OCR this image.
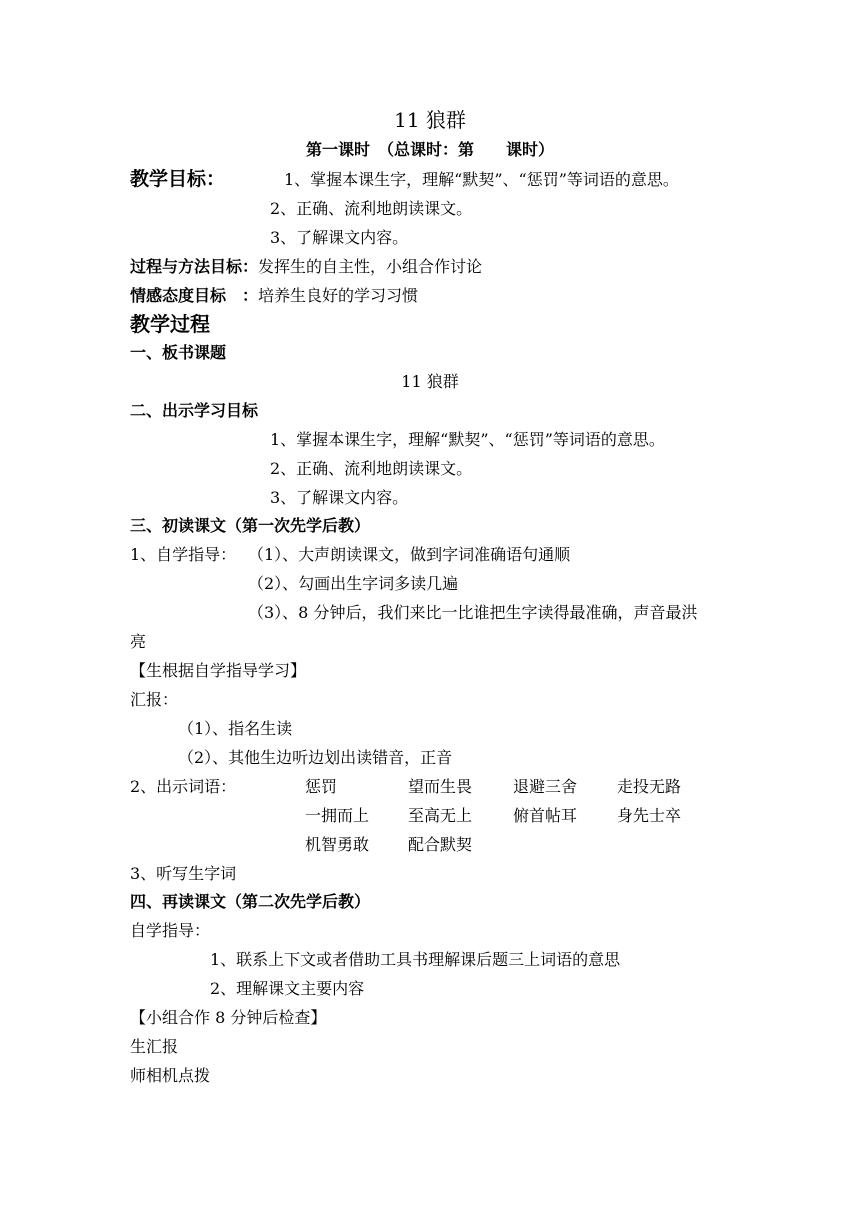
11 狼群
第一课时　（总课时：第　　课时）
教学目标：	1、掌握本课生字，理解“默契”、“惩罚”等词语的意思。
2、正确、流利地朗读课文。
3、了解课文内容。
过程与方法目标：发挥生的自主性，小组合作讨论
情感态度目标　：培养生良好的学习习惯
教学过程
一、板书课题
11 狼群
二、出示学习目标
1、掌握本课生字，理解“默契”、“惩罚”等词语的意思。
2、正确、流利地朗读课文。
3、了解课文内容。
三、初读课文（第一次先学后教）
1、自学指导： （1）、大声朗读课文，做到字词准确语句通顺
（2）、勾画出生字词多读几遍
（3）、8 分钟后，我们来比一比谁把生字读得最准确，声音最洪
亮
【生根据自学指导学习】
汇报：
（1）、指名生读
（2）、其他生边听边划出读错音，正音
2、出示词语：	惩罚	望而生畏	退避三舍 走投无路
一拥而上 至高无上	俯首帖耳 身先士卒
机智勇敢 配合默契
3、听写生字词
四、再读课文（第二次先学后教）
自学指导：
1、联系上下文或者借助工具书理解课后题三上词语的意思
2、理解课文主要内容
【小组合作 8 分钟后检查】
生汇报
师相机点拨
